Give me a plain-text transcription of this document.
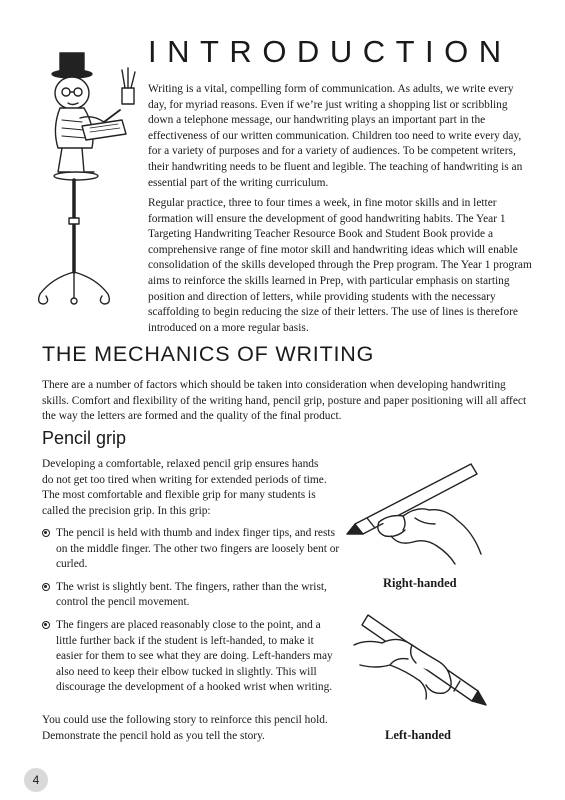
INTRODUCTION

Writing is a vital, compelling form of communication. As adults, we write every day, for myriad reasons. Even if we’re just writing a shopping list or scribbling down a telephone message, our handwriting plays an important part in the effectiveness of our written communication. Children too need to write every day, for a variety of purposes and for a variety of audiences. To be competent writers, their handwriting needs to be fluent and legible. The teaching of handwriting is an essential part of the writing curriculum.

Regular practice, three to four times a week, in fine motor skills and in letter formation will ensure the development of good handwriting habits. The Year 1 Targeting Handwriting Teacher Resource Book and Student Book provide a comprehensive range of fine motor skill and handwriting ideas which will enable consolidation of the skills developed through the Prep program. The Year 1 program aims to reinforce the skills learned in Prep, with particular emphasis on starting position and direction of letters, while providing students with the necessary scaffolding to begin reducing the size of their letters. The use of lines is therefore introduced on a more regular basis.

THE MECHANICS OF WRITING

There are a number of factors which should be taken into consideration when developing handwriting skills. Comfort and flexibility of the writing hand, pencil grip, posture and paper positioning will all affect the way the letters are formed and the quality of the final product.

Pencil grip

Developing a comfortable, relaxed pencil grip ensures hands do not get too tired when writing for extended periods of time. The most comfortable and flexible grip for many students is called the precision grip. In this grip:

The pencil is held with thumb and index finger tips, and rests on the middle finger. The other two fingers are loosely bent or curled.
The wrist is slightly bent. The fingers, rather than the wrist, control the pencil movement.
The fingers are placed reasonably close to the point, and a little further back if the student is left-handed, to make it easier for them to see what they are doing. Left-handers may also need to keep their elbow tucked in slightly. This will discourage the development of a hooked wrist when writing.

You could use the following story to reinforce this pencil hold. Demonstrate the pencil hold as you tell the story.

Right-handed
Left-handed
4
